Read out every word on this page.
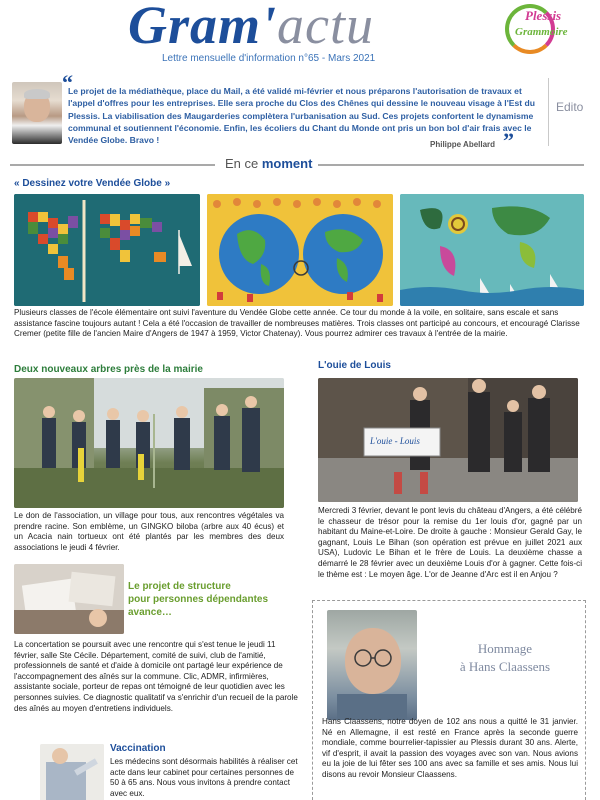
Gram'actu
Lettre mensuelle d'information n°65 - Mars 2021
Plessis
Grammoire
“
Le projet de la médiathèque, place du Mail, a été validé mi-février et nous préparons l'autorisation de travaux et l'appel d'offres pour les entreprises. Elle sera proche du Clos des Chênes qui dessine le nouveau visage à l'Est du Plessis. La viabilisation des Maugarderies complètera l'urbanisation au Sud. Ces projets confortent le dynamisme communal et soutiennent l'économie. Enfin, les écoliers du Chant du Monde ont pris un bon bol d'air frais avec le Vendée Globe. Bravo !	Philippe Abellard ”
Edito
En ce moment
« Dessinez votre Vendée Globe »
Plusieurs classes de l'école élémentaire ont suivi l'aventure du Vendée Globe cette année. Ce tour du monde à la voile, en solitaire, sans escale et sans assistance fascine toujours autant ! Cela a été l'occasion de travailler de nombreuses matières. Trois classes ont participé au concours, et encouragé Clarisse Cremer (petite fille de l'ancien Maire d'Angers de 1947 à 1959, Victor Chatenay). Vous pourrez admirer ces travaux à l'entrée de la mairie.
Deux nouveaux arbres près de la mairie
Le don de l'association, un village pour tous, aux rencontres végétales va prendre racine. Son emblème, un GINGKO biloba (arbre aux 40 écus) et un Acacia nain tortueux ont été plantés par les membres des deux associations le jeudi 4 février.
L'ouie de Louis
L'ouie - Louis
Mercredi 3 février, devant le pont levis du château d'Angers, a été célébré le chasseur de trésor pour la remise du 1er louis d'or, gagné par un habitant du Maine-et-Loire. De droite à gauche : Monsieur Gerald Gay, le gagnant, Louis Le Bihan (son opération est prévue en juillet 2021 aux USA), Ludovic Le Bihan et le frère de Louis. La deuxième chasse a démarré le 28 février avec un deuxième Louis d'or à gagner. Cette fois-ci le thème est : Le moyen âge. L'or de Jeanne d'Arc est il en Anjou ?
Le projet de structure
pour personnes dépendantes
avance…
La concertation se poursuit avec une rencontre qui s'est tenue le jeudi 11 février, salle Ste Cécile. Département, comité de suivi, club de l'amitié, professionnels de santé et d'aide à domicile ont partagé leur expérience de l'accompagnement des aînés sur la commune. Clic, ADMR, infirmières, assistante sociale, porteur de repas ont témoigné de leur quotidien avec les personnes suivies. Ce diagnostic qualitatif va s'enrichir d'un recueil de la parole des aînés au moyen d'entretiens individuels.
Vaccination
Les médecins sont désormais habilités à réaliser cet acte dans leur cabinet pour certaines personnes de 50 à 65 ans. Nous vous invitons à prendre contact avec eux.
Hommage
à Hans Claassens
Hans Claassens, notre doyen de 102 ans nous a quitté le 31 janvier. Né en Allemagne, il est resté en France après la seconde guerre mondiale, comme bourrelier-tapissier au Plessis durant 30 ans. Alerte, vif d'esprit, il avait la passion des voyages avec son van. Nous avions eu la joie de lui fêter ses 100 ans avec sa famille et ses amis. Nous lui disons au revoir Monsieur Claassens.
